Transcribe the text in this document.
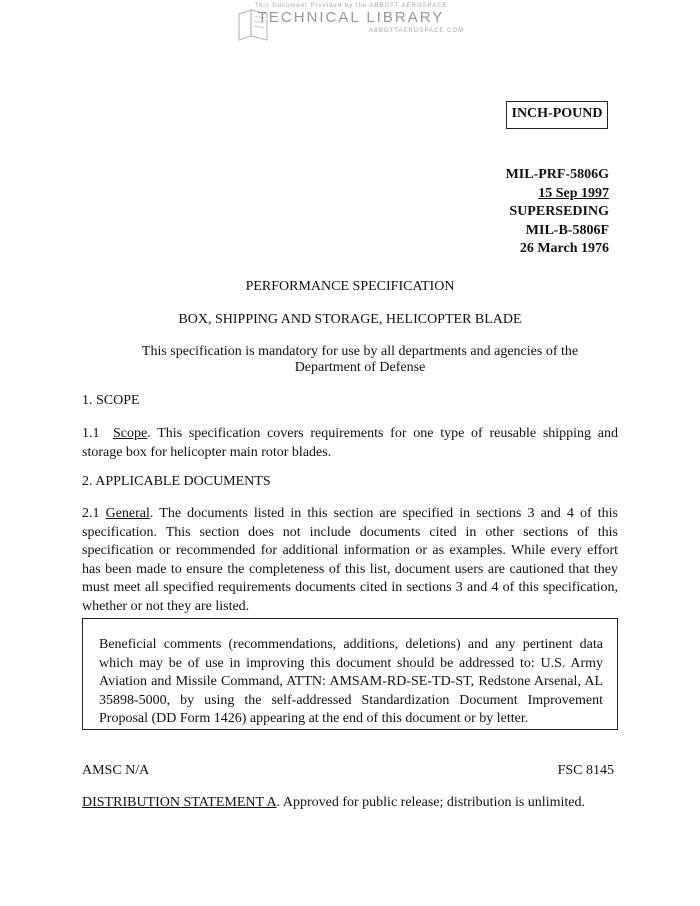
This Document Provided by the ABBOTT AEROSPACE
TECHNICAL LIBRARY
ABBOTTAEROSPACE.COM
INCH-POUND
MIL-PRF-5806G
15 Sep 1997
SUPERSEDING
MIL-B-5806F
26 March 1976
PERFORMANCE SPECIFICATION
BOX, SHIPPING AND STORAGE, HELICOPTER BLADE
This specification is mandatory for use by all departments and agencies of the
Department of Defense
1. SCOPE
1.1 Scope. This specification covers requirements for one type of reusable shipping and storage box for helicopter main rotor blades.
2. APPLICABLE DOCUMENTS
2.1 General. The documents listed in this section are specified in sections 3 and 4 of this specification. This section does not include documents cited in other sections of this specification or recommended for additional information or as examples. While every effort has been made to ensure the completeness of this list, document users are cautioned that they must meet all specified requirements documents cited in sections 3 and 4 of this specification, whether or not they are listed.

Beneficial comments (recommendations, additions, deletions) and any pertinent data which may be of use in improving this document should be addressed to: U.S. Army Aviation and Missile Command, ATTN: AMSAM-RD-SE-TD-ST, Redstone Arsenal, AL 35898-5000, by using the self-addressed Standardization Document Improvement Proposal (DD Form 1426) appearing at the end of this document or by letter.

AMSC N/A	FSC 8145
DISTRIBUTION STATEMENT A. Approved for public release; distribution is unlimited.
